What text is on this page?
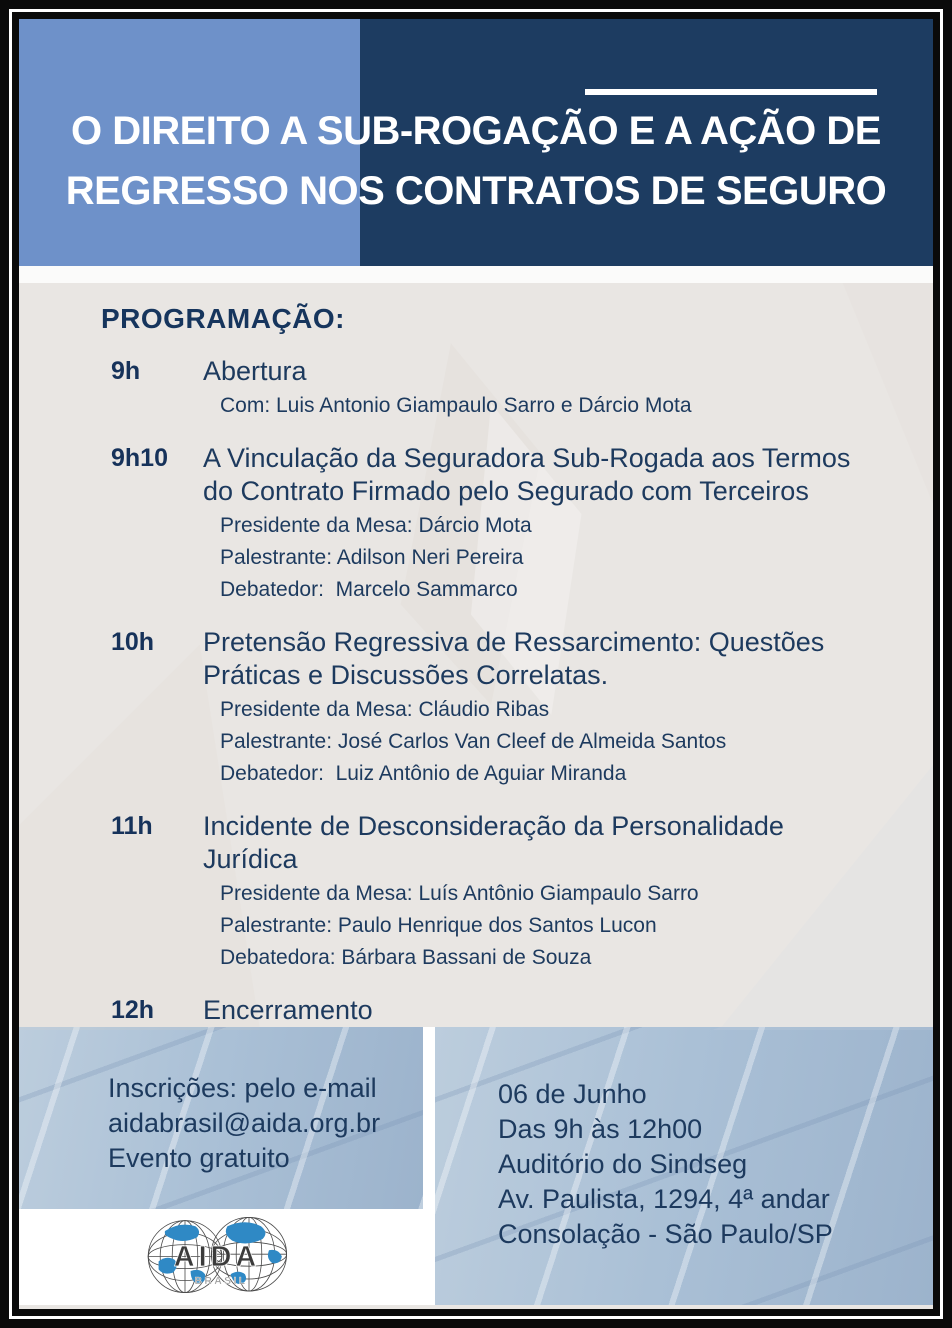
O DIREITO A SUB-ROGAÇÃO E A AÇÃO DE
REGRESSO NOS CONTRATOS DE SEGURO
PROGRAMAÇÃO:
9h	Abertura
Com: Luis Antonio Giampaulo Sarro e Dárcio Mota
9h10	A Vinculação da Seguradora Sub-Rogada aos Termos do Contrato Firmado pelo Segurado com Terceiros
Presidente da Mesa: Dárcio Mota
Palestrante: Adilson Neri Pereira
Debatedor:  Marcelo Sammarco
10h	Pretensão Regressiva de Ressarcimento: Questões Práticas e Discussões Correlatas.
Presidente da Mesa: Cláudio Ribas
Palestrante: José Carlos Van Cleef de Almeida Santos
Debatedor:  Luiz Antônio de Aguiar Miranda
11h	Incidente de Desconsideração da Personalidade Jurídica
Presidente da Mesa: Luís Antônio Giampaulo Sarro
Palestrante: Paulo Henrique dos Santos Lucon
Debatedora: Bárbara Bassani de Souza
12h	Encerramento
Inscrições: pelo e-mail
aidabrasil@aida.org.br
Evento gratuito
AIDA
BRASIL
06 de Junho
Das 9h às 12h00
Auditório do Sindseg
Av. Paulista, 1294, 4ª andar
Consolação - São Paulo/SP
